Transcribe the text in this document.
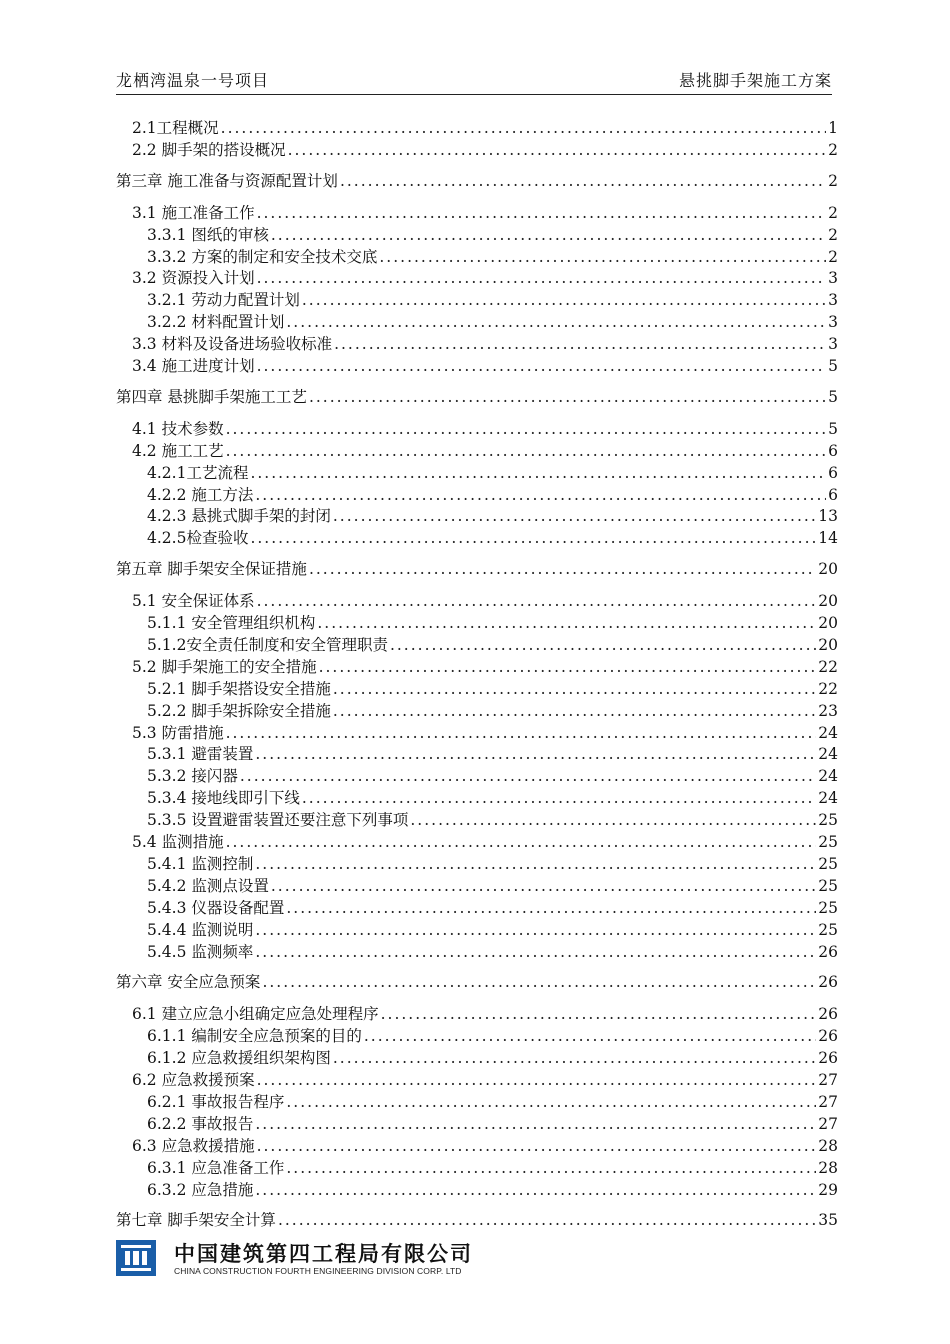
龙栖湾温泉一号项目	悬挑脚手架施工方案
2.1工程概况 .....	1
2.2 脚手架的搭设概况 .....	2
第三章 施工准备与资源配置计划 .....	2
3.1 施工准备工作 .....	2
3.3.1 图纸的审核 .....	2
3.3.2 方案的制定和安全技术交底 .....	2
3.2 资源投入计划 .....	3
3.2.1 劳动力配置计划 .....	3
3.2.2 材料配置计划 .....	3
3.3 材料及设备进场验收标准 .....	3
3.4 施工进度计划 .....	5
第四章 悬挑脚手架施工工艺 .....	5
4.1 技术参数 .....	5
4.2 施工工艺 .....	6
4.2.1工艺流程 .....	6
4.2.2 施工方法 .....	6
4.2.3 悬挑式脚手架的封闭 .....	13
4.2.5检查验收 .....	14
第五章 脚手架安全保证措施 .....	20
5.1 安全保证体系 .....	20
5.1.1 安全管理组织机构 .....	20
5.1.2安全责任制度和安全管理职责 .....	20
5.2 脚手架施工的安全措施 .....	22
5.2.1 脚手架搭设安全措施 .....	22
5.2.2 脚手架拆除安全措施 .....	23
5.3 防雷措施 .....	24
5.3.1 避雷装置 .....	24
5.3.2 接闪器 .....	24
5.3.4 接地线即引下线 .....	24
5.3.5 设置避雷装置还要注意下列事项 .....	25
5.4 监测措施 .....	25
5.4.1 监测控制 .....	25
5.4.2 监测点设置 .....	25
5.4.3 仪器设备配置 .....	25
5.4.4 监测说明 .....	25
5.4.5 监测频率 .....	26
第六章 安全应急预案 .....	26
6.1 建立应急小组确定应急处理程序 .....	26
6.1.1 编制安全应急预案的目的 .....	26
6.1.2 应急救援组织架构图 .....	26
6.2 应急救援预案 .....	27
6.2.1 事故报告程序 .....	27
6.2.2 事故报告 .....	27
6.3 应急救援措施 .....	28
6.3.1 应急准备工作 .....	28
6.3.2 应急措施 .....	29
第七章 脚手架安全计算 .....	35
中国建筑第四工程局有限公司
CHINA CONSTRUCTION FOURTH ENGINEERING DIVISION CORP. LTD
